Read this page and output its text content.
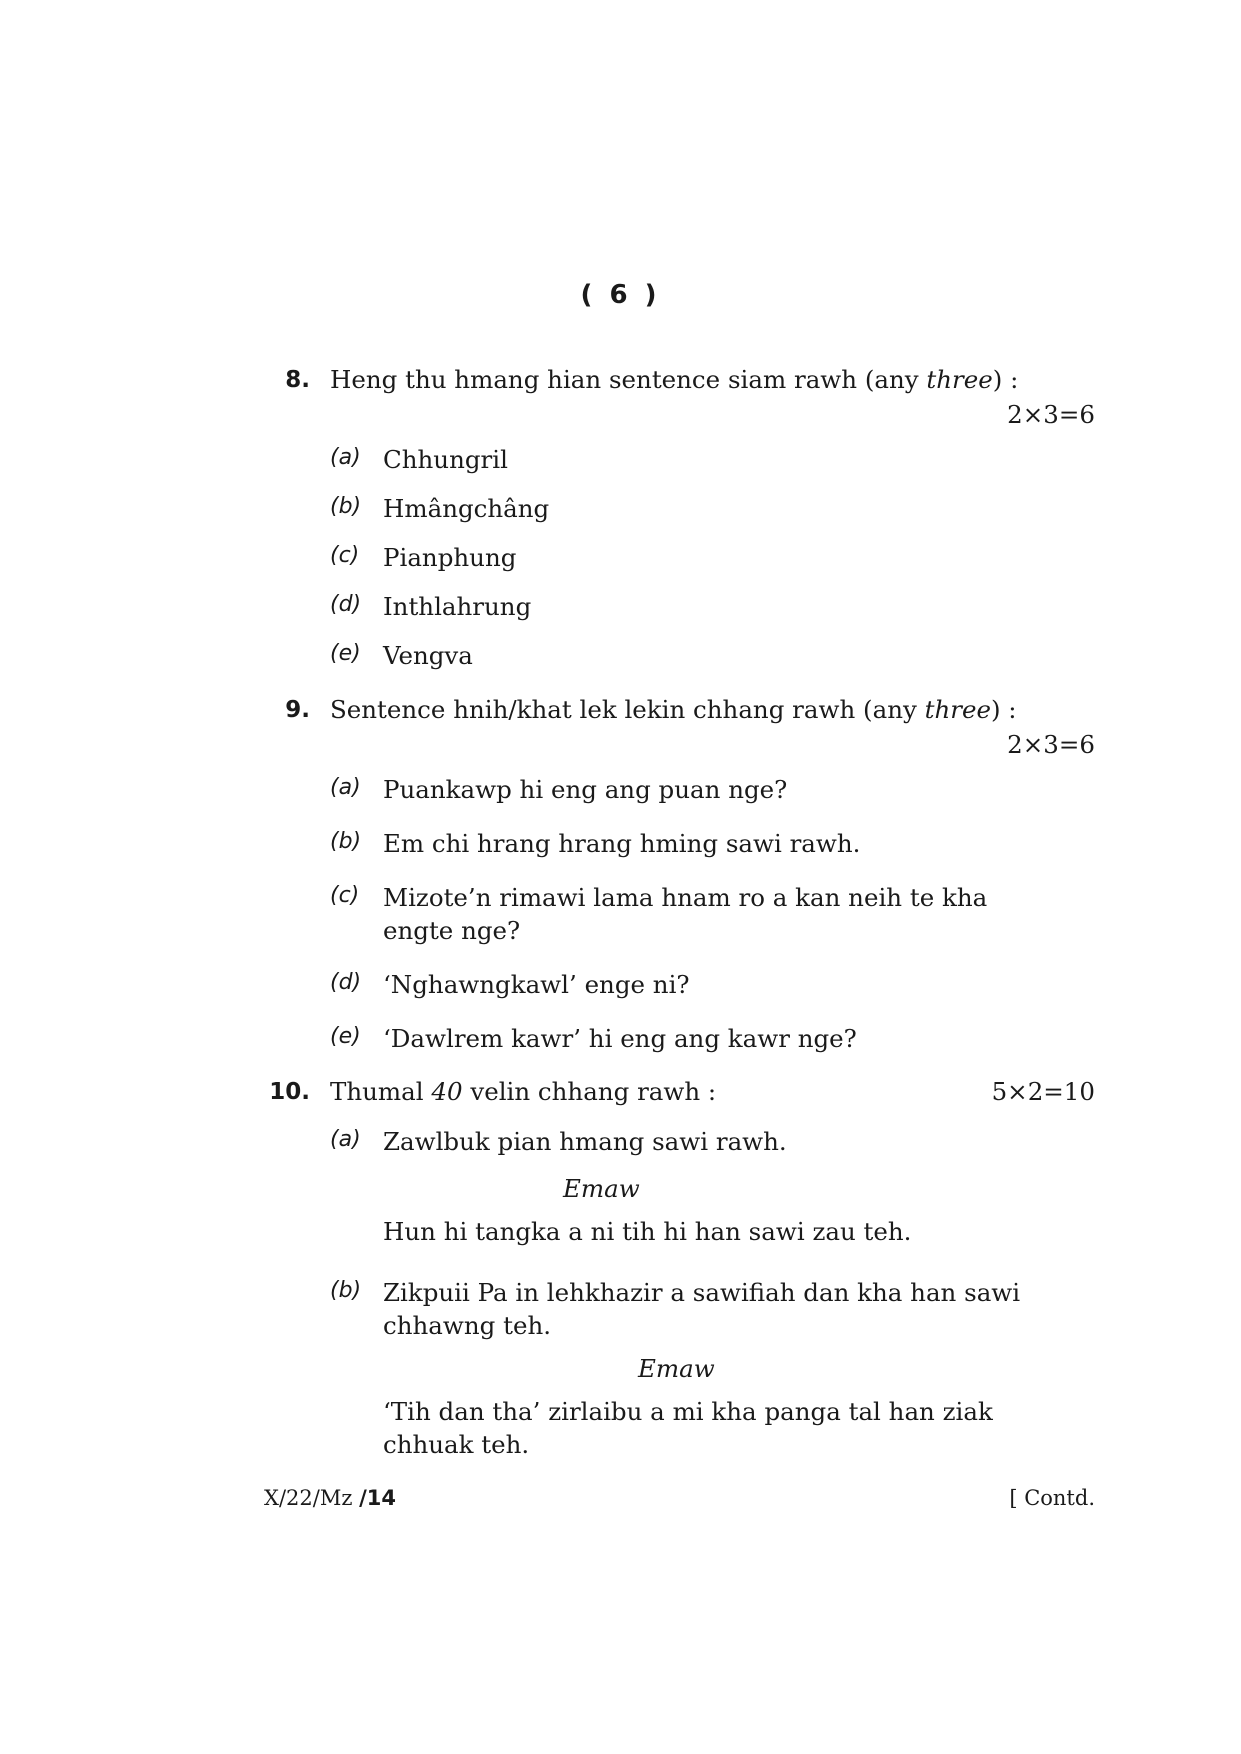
( 6 )
8. Heng thu hmang hian sentence siam rawh (any three) :
2×3=6
(a) Chhungril
(b) Hmângchâng
(c) Pianphung
(d) Inthlahrung
(e) Vengva
9. Sentence hnih/khat lek lekin chhang rawh (any three) :
2×3=6
(a) Puankawp hi eng ang puan nge?
(b) Em chi hrang hrang hming sawi rawh.
(c) Mizote’n rimawi lama hnam ro a kan neih te kha
engte nge?
(d) ‘Nghawngkawl’ enge ni?
(e) ‘Dawlrem kawr’ hi eng ang kawr nge?
10. Thumal 40 velin chhang rawh :	5×2=10
(a) Zawlbuk pian hmang sawi rawh.
Emaw
Hun hi tangka a ni tih hi han sawi zau teh.
(b) Zikpuii Pa in lehkhazir a sawifiah dan kha han sawi
chhawng teh.
Emaw
‘Tih dan tha’ zirlaibu a mi kha panga tal han ziak
chhuak teh.
X/22/Mz /14	[ Contd.
